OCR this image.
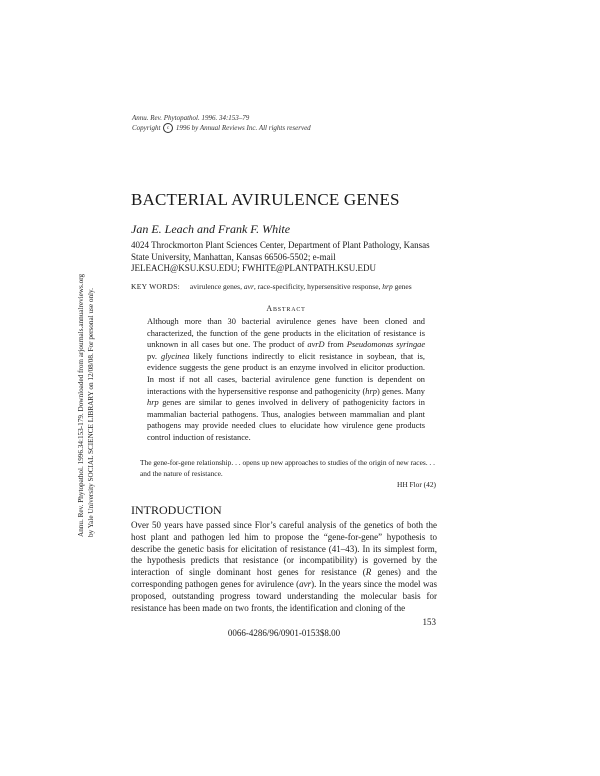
Annu. Rev. Phytopathol. 1996. 34:153–79
Copyright c 1996 by Annual Reviews Inc. All rights reserved
Annu. Rev. Phytopathol. 1996.34:153-179. Downloaded from arjournals.annualreviews.org by Yale University SOCIAL SCIENCE LIBRARY on 12/08/08. For personal use only.
BACTERIAL AVIRULENCE GENES
Jan E. Leach and Frank F. White
4024 Throckmorton Plant Sciences Center, Department of Plant Pathology, Kansas
State University, Manhattan, Kansas 66506-5502; e-mail
JELEACH@KSU.KSU.EDU; FWHITE@PLANTPATH.KSU.EDU
KEY WORDS: avirulence genes, avr, race-specificity, hypersensitive response, hrp genes
Abstract
Although more than 30 bacterial avirulence genes have been cloned and characterized, the function of the gene products in the elicitation of resistance is unknown in all cases but one. The product of avrD from Pseudomonas syringae pv. glycinea likely functions indirectly to elicit resistance in soybean, that is, evidence suggests the gene product is an enzyme involved in elicitor production. In most if not all cases, bacterial avirulence gene function is dependent on interactions with the hypersensitive response and pathogenicity (hrp) genes. Many hrp genes are similar to genes involved in delivery of pathogenicity factors in mammalian bacterial pathogens. Thus, analogies between mammalian and plant pathogens may provide needed clues to elucidate how virulence gene products control induction of resistance.
The gene-for-gene relationship. . . opens up new approaches to studies of the origin of new races. . . and the nature of resistance.
HH Flor (42)
INTRODUCTION
Over 50 years have passed since Flor’s careful analysis of the genetics of both the host plant and pathogen led him to propose the “gene-for-gene” hypothesis to describe the genetic basis for elicitation of resistance (41–43). In its simplest form, the hypothesis predicts that resistance (or incompatibility) is governed by the interaction of single dominant host genes for resistance (R genes) and the corresponding pathogen genes for avirulence (avr). In the years since the model was proposed, outstanding progress toward understanding the molecular basis for resistance has been made on two fronts, the identification and cloning of the
153
0066-4286/96/0901-0153$8.00
